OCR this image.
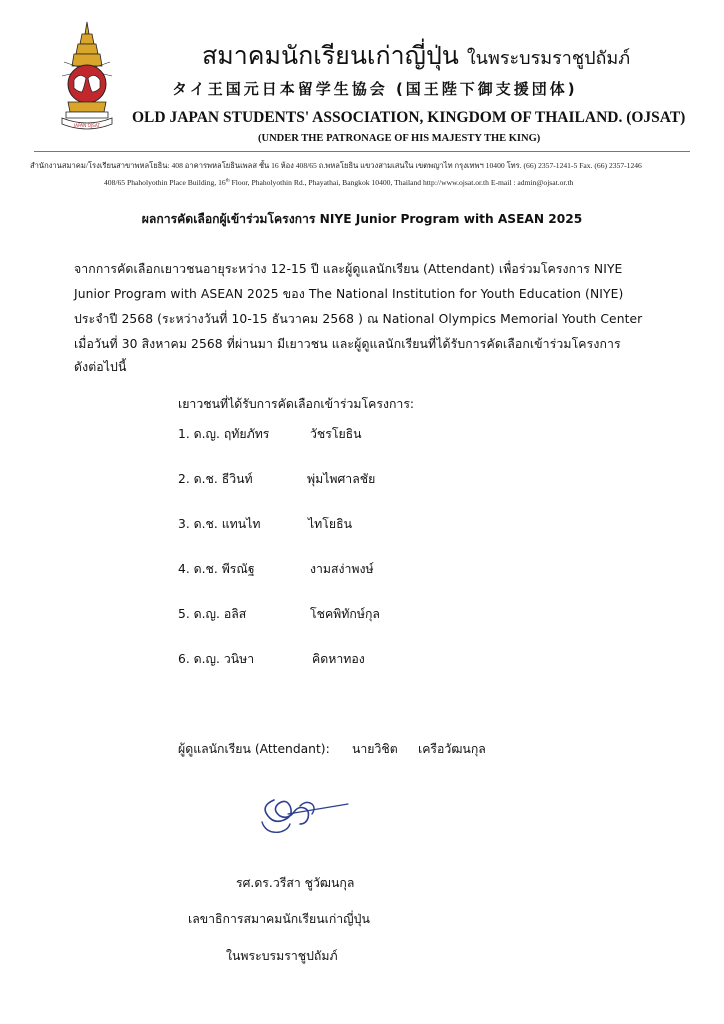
JAPAN OJSAT
สมาคมนักเรียนเก่าญี่ปุ่น ในพระบรมราชูปถัมภ์
タイ王国元日本留学生協会 (国王陛下御支援団体)
OLD JAPAN STUDENTS' ASSOCIATION, KINGDOM OF THAILAND. (OJSAT)
(UNDER THE PATRONAGE OF HIS MAJESTY THE KING)
สำนักงานสมาคม/โรงเรียนสาขาพหลโยธิน: 408 อาคารพหลโยธินเพลส ชั้น 16 ห้อง 408/65 ถ.พหลโยธิน แขวงสามเสนใน เขตพญาไท กรุงเทพฯ 10400 โทร. (66) 2357-1241-5 Fax. (66) 2357-1246
408/65 Phaholyothin Place Building, 16th Floor, Phaholyothin Rd., Phayathai, Bangkok 10400, Thailand http://www.ojsat.or.th E-mail : admin@ojsat.or.th
ผลการคัดเลือกผู้เข้าร่วมโครงการ NIYE Junior Program with ASEAN 2025
จากการคัดเลือกเยาวชนอายุระหว่าง 12-15 ปี และผู้ดูแลนักเรียน (Attendant) เพื่อร่วมโครงการ NIYE
Junior Program with ASEAN 2025 ของ The National Institution for Youth Education (NIYE)
ประจำปี 2568 (ระหว่างวันที่ 10-15 ธันวาคม 2568 ) ณ National Olympics Memorial Youth Center
เมื่อวันที่ 30 สิงหาคม 2568 ที่ผ่านมา มีเยาวชน และผู้ดูแลนักเรียนที่ได้รับการคัดเลือกเข้าร่วมโครงการ
ดังต่อไปนี้
เยาวชนที่ได้รับการคัดเลือกเข้าร่วมโครงการ:
1. ด.ญ. ฤทัยภัทร	วัชรโยธิน
2. ด.ช. ธีวินท์	พุ่มไพศาลชัย
3. ด.ช. แทนไท	ไทโยธิน
4. ด.ช. พีรณัฐ	งามสง่าพงษ์
5. ด.ญ. อลิส	โชคพิทักษ์กุล
6. ด.ญ. วนิษา	คิดหาทอง
ผู้ดูแลนักเรียน (Attendant): นายวิชิต เครือวัฒนกุล
รศ.ดร.วรีสา ชูวัฒนกุล
เลขาธิการสมาคมนักเรียนเก่าญี่ปุ่น
ในพระบรมราชูปถัมภ์
